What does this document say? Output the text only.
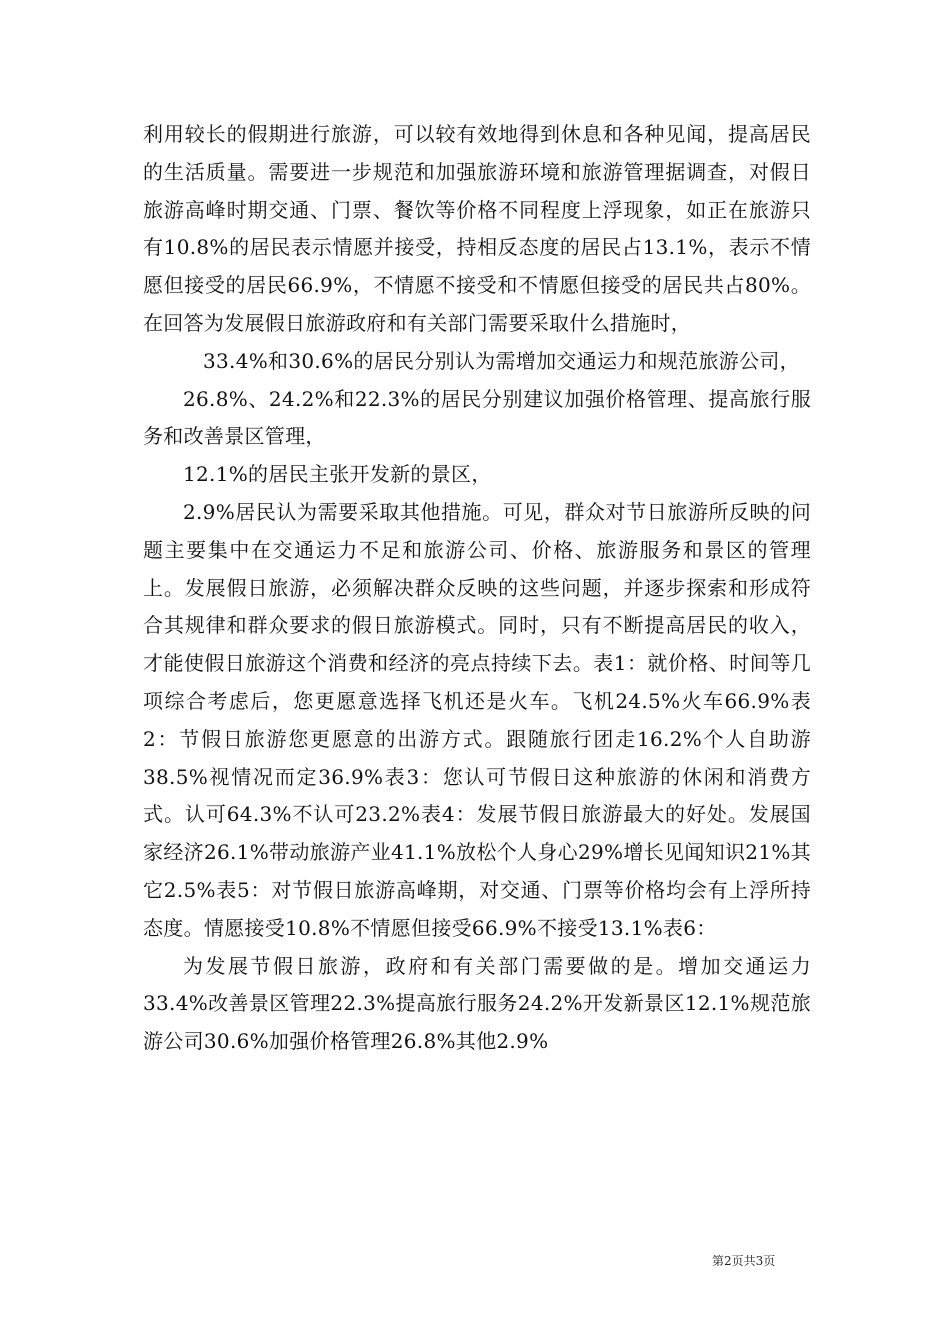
利用较长的假期进行旅游，可以较有效地得到休息和各种见闻，提高居民的生活质量。需要进一步规范和加强旅游环境和旅游管理据调查，对假日旅游高峰时期交通、门票、餐饮等价格不同程度上浮现象，如正在旅游只有10.8%的居民表示情愿并接受，持相反态度的居民占13.1%，表示不情愿但接受的居民66.9%，不情愿不接受和不情愿但接受的居民共占80%。在回答为发展假日旅游政府和有关部门需要采取什么措施时，

33.4%和30.6%的居民分别认为需增加交通运力和规范旅游公司，

26.8%、24.2%和22.3%的居民分别建议加强价格管理、提高旅行服务和改善景区管理，

12.1%的居民主张开发新的景区，

2.9%居民认为需要采取其他措施。可见，群众对节日旅游所反映的问题主要集中在交通运力不足和旅游公司、价格、旅游服务和景区的管理上。发展假日旅游，必须解决群众反映的这些问题，并逐步探索和形成符合其规律和群众要求的假日旅游模式。同时，只有不断提高居民的收入，才能使假日旅游这个消费和经济的亮点持续下去。表1：就价格、时间等几项综合考虑后，您更愿意选择飞机还是火车。飞机24.5%火车66.9%表2：节假日旅游您更愿意的出游方式。跟随旅行团走16.2%个人自助游38.5%视情况而定36.9%表3：您认可节假日这种旅游的休闲和消费方式。认可64.3%不认可23.2%表4：发展节假日旅游最大的好处。发展国家经济26.1%带动旅游产业41.1%放松个人身心29%增长见闻知识21%其它2.5%表5：对节假日旅游高峰期，对交通、门票等价格均会有上浮所持态度。情愿接受10.8%不情愿但接受66.9%不接受13.1%表6：

为发展节假日旅游，政府和有关部门需要做的是。增加交通运力33.4%改善景区管理22.3%提高旅行服务24.2%开发新景区12.1%规范旅游公司30.6%加强价格管理26.8%其他2.9%

第2页共3页
